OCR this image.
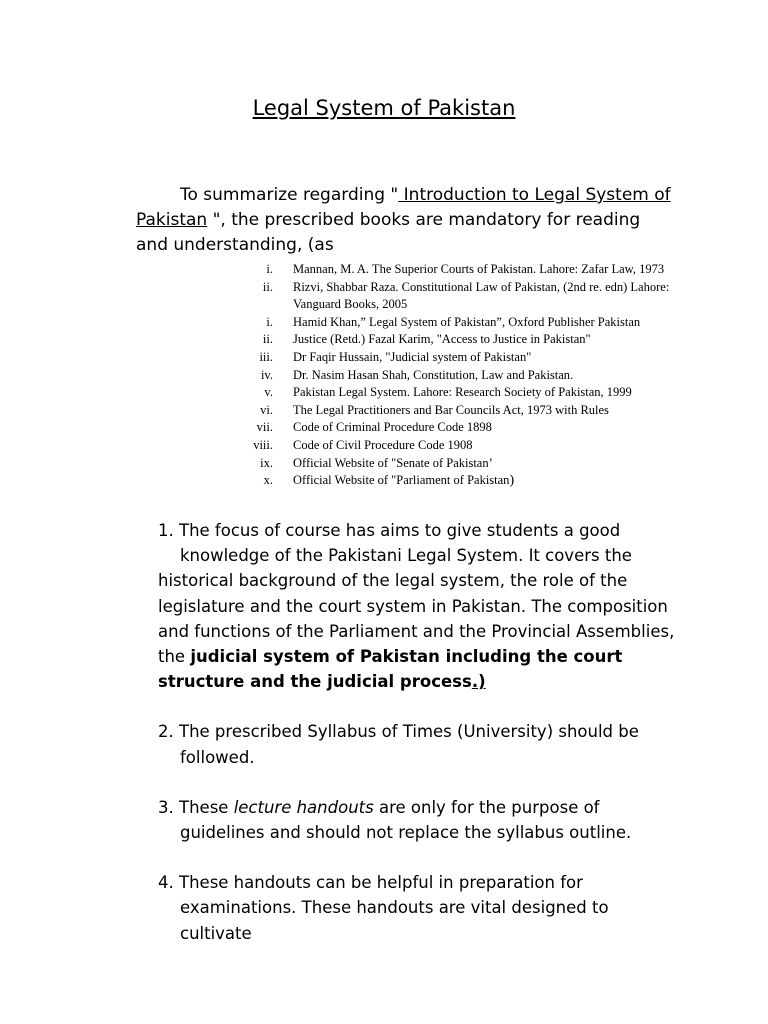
Legal System of Pakistan

To summarize regarding " Introduction to Legal System of Pakistan ", the prescribed books are mandatory for reading and understanding, (as

i. Mannan, M. A. The Superior Courts of Pakistan. Lahore: Zafar Law, 1973
ii. Rizvi, Shabbar Raza. Constitutional Law of Pakistan, (2nd re. edn) Lahore: Vanguard Books, 2005
i. Hamid Khan,” Legal System of Pakistan”, Oxford Publisher Pakistan
ii. Justice (Retd.) Fazal Karim, "Access to Justice in Pakistan"
iii. Dr Faqir Hussain, "Judicial system of Pakistan"
iv. Dr. Nasim Hasan Shah, Constitution, Law and Pakistan.
v. Pakistan Legal System. Lahore: Research Society of Pakistan, 1999
vi. The Legal Practitioners and Bar Councils Act, 1973 with Rules
vii. Code of Criminal Procedure Code 1898
viii. Code of Civil Procedure Code 1908
ix. Official Website of "Senate of Pakistan’
x. Official Website of "Parliament of Pakistan)
1. The focus of course has aims to give students a good
knowledge of the Pakistani Legal System. It covers the
historical background of the legal system, the role of the legislature and the court system in Pakistan. The composition and functions of the Parliament and the Provincial Assemblies, the judicial system of Pakistan including the court structure and the judicial process.)
2. The prescribed Syllabus of Times (University) should be
followed.
3. These lecture handouts are only for the purpose of
guidelines and should not replace the syllabus outline.
4. These handouts can be helpful in preparation for
examinations. These handouts are vital designed to cultivate
